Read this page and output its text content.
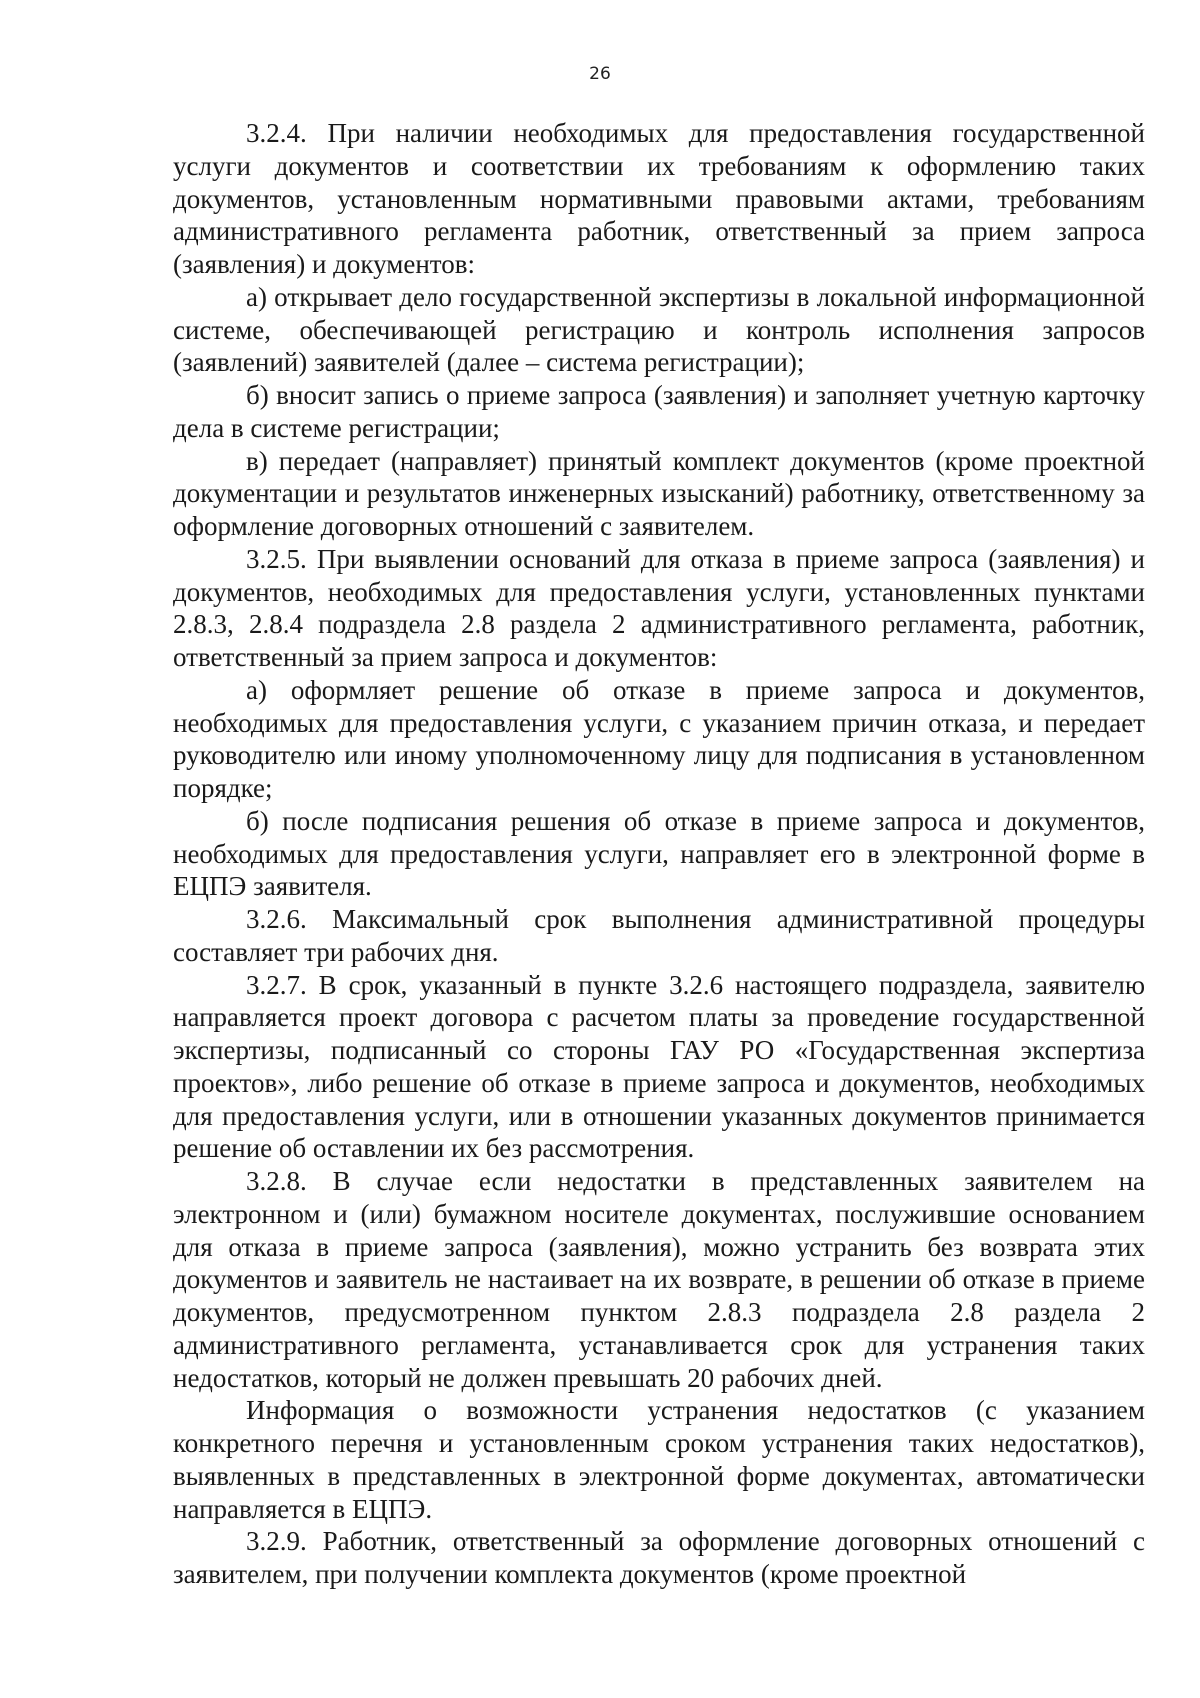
26

3.2.4. При наличии необходимых для предоставления государственной услуги документов и соответствии их требованиям к оформлению таких документов, установленным нормативными правовыми актами, требованиям административного регламента работник, ответственный за прием запроса (заявления) и документов:

а) открывает дело государственной экспертизы в локальной информационной системе, обеспечивающей регистрацию и контроль исполнения запросов (заявлений) заявителей (далее – система регистрации);

б) вносит запись о приеме запроса (заявления) и заполняет учетную карточку дела в системе регистрации;

в) передает (направляет) принятый комплект документов (кроме проектной документации и результатов инженерных изысканий) работнику, ответственному за оформление договорных отношений с заявителем.

3.2.5. При выявлении оснований для отказа в приеме запроса (заявления) и документов, необходимых для предоставления услуги, установленных пунктами 2.8.3, 2.8.4 подраздела 2.8 раздела 2 административного регламента, работник, ответственный за прием запроса и документов:

а) оформляет решение об отказе в приеме запроса и документов, необходимых для предоставления услуги, с указанием причин отказа, и передает руководителю или иному уполномоченному лицу для подписания в установленном порядке;

б) после подписания решения об отказе в приеме запроса и документов, необходимых для предоставления услуги, направляет его в электронной форме в ЕЦПЭ заявителя.

3.2.6. Максимальный срок выполнения административной процедуры составляет три рабочих дня.

3.2.7. В срок, указанный в пункте 3.2.6 настоящего подраздела, заявителю направляется проект договора с расчетом платы за проведение государственной экспертизы, подписанный со стороны ГАУ РО «Государственная экспертиза проектов», либо решение об отказе в приеме запроса и документов, необходимых для предоставления услуги, или в отношении указанных документов принимается решение об оставлении их без рассмотрения.

3.2.8. В случае если недостатки в представленных заявителем на электронном и (или) бумажном носителе документах, послужившие основанием для отказа в приеме запроса (заявления), можно устранить без возврата этих документов и заявитель не настаивает на их возврате, в решении об отказе в приеме документов, предусмотренном пунктом 2.8.3 подраздела 2.8 раздела 2 административного регламента, устанавливается срок для устранения таких недостатков, который не должен превышать 20 рабочих дней.

Информация о возможности устранения недостатков (с указанием конкретного перечня и установленным сроком устранения таких недостатков), выявленных в представленных в электронной форме документах, автоматически направляется в ЕЦПЭ.

3.2.9. Работник, ответственный за оформление договорных отношений с заявителем, при получении комплекта документов (кроме проектной
